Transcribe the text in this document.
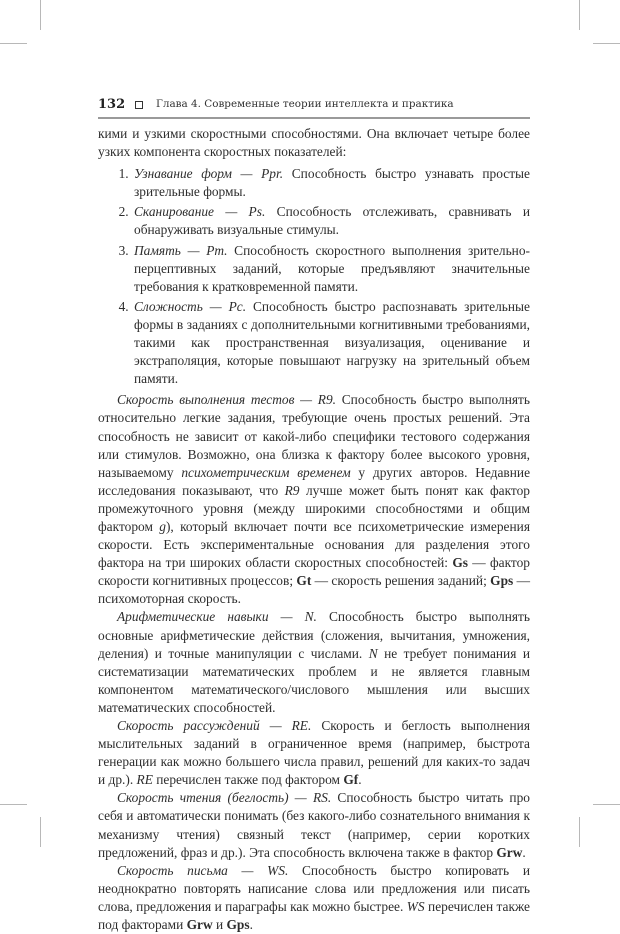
132	Глава 4. Современные теории интеллекта и практика

кими и узкими скоростными способностями. Она включает четыре более узких компонента скоростных показателей:

1. Узнавание форм — Ppr. Способность быстро узнавать простые зрительные формы.
2. Сканирование — Ps. Способность отслеживать, сравнивать и обнаруживать визуальные стимулы.
3. Память — Pm. Способность скоростного выполнения зрительно-перцептивных заданий, которые предъявляют значительные требования к кратковременной памяти.
4. Сложность — Pc. Способность быстро распознавать зрительные формы в заданиях с дополнительными когнитивными требованиями, такими как пространственная визуализация, оценивание и экстраполяция, которые повышают нагрузку на зрительный объем памяти.

Скорость выполнения тестов — R9. Способность быстро выполнять относительно легкие задания, требующие очень простых решений. Эта способность не зависит от какой-либо специфики тестового содержания или стимулов. Возможно, она близка к фактору более высокого уровня, называемому психометрическим временем у других авторов. Недавние исследования показывают, что R9 лучше может быть понят как фактор промежуточного уровня (между широкими способностями и общим фактором g), который включает почти все психометрические измерения скорости. Есть экспериментальные основания для разделения этого фактора на три широких области скоростных способностей: Gs — фактор скорости когнитивных процессов; Gt — скорость решения заданий; Gps — психомоторная скорость.

Арифметические навыки — N. Способность быстро выполнять основные арифметические действия (сложения, вычитания, умножения, деления) и точные манипуляции с числами. N не требует понимания и систематизации математических проблем и не является главным компонентом математического/числового мышления или высших математических способностей.

Скорость рассуждений — RE. Скорость и беглость выполнения мыслительных заданий в ограниченное время (например, быстрота генерации как можно большего числа правил, решений для каких-то задач и др.). RE перечислен также под фактором Gf.

Скорость чтения (беглость) — RS. Способность быстро читать про себя и автоматически понимать (без какого-либо сознательного внимания к механизму чтения) связный текст (например, серии коротких предложений, фраз и др.). Эта способность включена также в фактор Grw.

Скорость письма — WS. Способность быстро копировать и неоднократно повторять написание слова или предложения или писать слова, предложения и параграфы как можно быстрее. WS перечислен также под факторами Grw и Gps.
